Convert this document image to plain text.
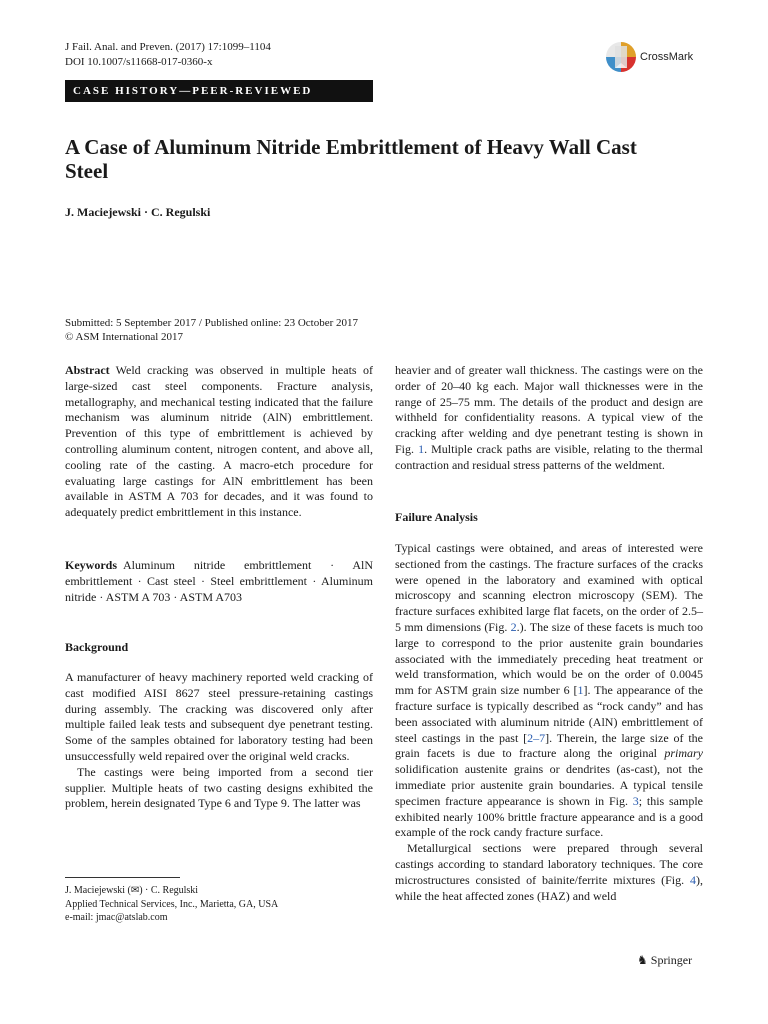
J Fail. Anal. and Preven. (2017) 17:1099–1104
DOI 10.1007/s11668-017-0360-x	CrossMark
CASE HISTORY—PEER-REVIEWED
A Case of Aluminum Nitride Embrittlement of Heavy Wall Cast Steel
J. Maciejewski · C. Regulski
Submitted: 5 September 2017 / Published online: 23 October 2017
© ASM International 2017

Abstract Weld cracking was observed in multiple heats of large-sized cast steel components. Fracture analysis, metallography, and mechanical testing indicated that the failure mechanism was aluminum nitride (AlN) embrittlement. Prevention of this type of embrittlement is achieved by controlling aluminum content, nitrogen content, and above all, cooling rate of the casting. A macro-etch procedure for evaluating large castings for AlN embrittlement has been available in ASTM A 703 for decades, and it was found to adequately predict embrittlement in this instance.

Keywords Aluminum nitride embrittlement · AlN embrittlement · Cast steel · Steel embrittlement · Aluminum nitride · ASTM A 703 · ASTM A703

Background

A manufacturer of heavy machinery reported weld cracking of cast modified AISI 8627 steel pressure-retaining castings during assembly. The cracking was discovered only after multiple failed leak tests and subsequent dye penetrant testing. Some of the samples obtained for laboratory testing had been unsuccessfully weld repaired over the original weld cracks.

The castings were being imported from a second tier supplier. Multiple heats of two casting designs exhibited the problem, herein designated Type 6 and Type 9. The latter was

J. Maciejewski (✉) · C. Regulski
Applied Technical Services, Inc., Marietta, GA, USA
e-mail: jmac@atslab.com

heavier and of greater wall thickness. The castings were on the order of 20–40 kg each. Major wall thicknesses were in the range of 25–75 mm. The details of the product and design are withheld for confidentiality reasons. A typical view of the cracking after welding and dye penetrant testing is shown in Fig. 1. Multiple crack paths are visible, relating to the thermal contraction and residual stress patterns of the weldment.

Failure Analysis

Typical castings were obtained, and areas of interested were sectioned from the castings. The fracture surfaces of the cracks were opened in the laboratory and examined with optical microscopy and scanning electron microscopy (SEM). The fracture surfaces exhibited large flat facets, on the order of 2.5–5 mm dimensions (Fig. 2.). The size of these facets is much too large to correspond to the prior austenite grain boundaries associated with the immediately preceding heat treatment or weld transformation, which would be on the order of 0.0045 mm for ASTM grain size number 6 [1]. The appearance of the fracture surface is typically described as “rock candy” and has been associated with aluminum nitride (AlN) embrittlement of steel castings in the past [2–7]. Therein, the large size of the grain facets is due to fracture along the original primary solidification austenite grains or dendrites (as-cast), not the immediate prior austenite grain boundaries. A typical tensile specimen fracture appearance is shown in Fig. 3; this sample exhibited nearly 100% brittle fracture appearance and is a good example of the rock candy fracture surface.

Metallurgical sections were prepared through several castings according to standard laboratory techniques. The core microstructures consisted of bainite/ferrite mixtures (Fig. 4), while the heat affected zones (HAZ) and weld

♞ Springer
